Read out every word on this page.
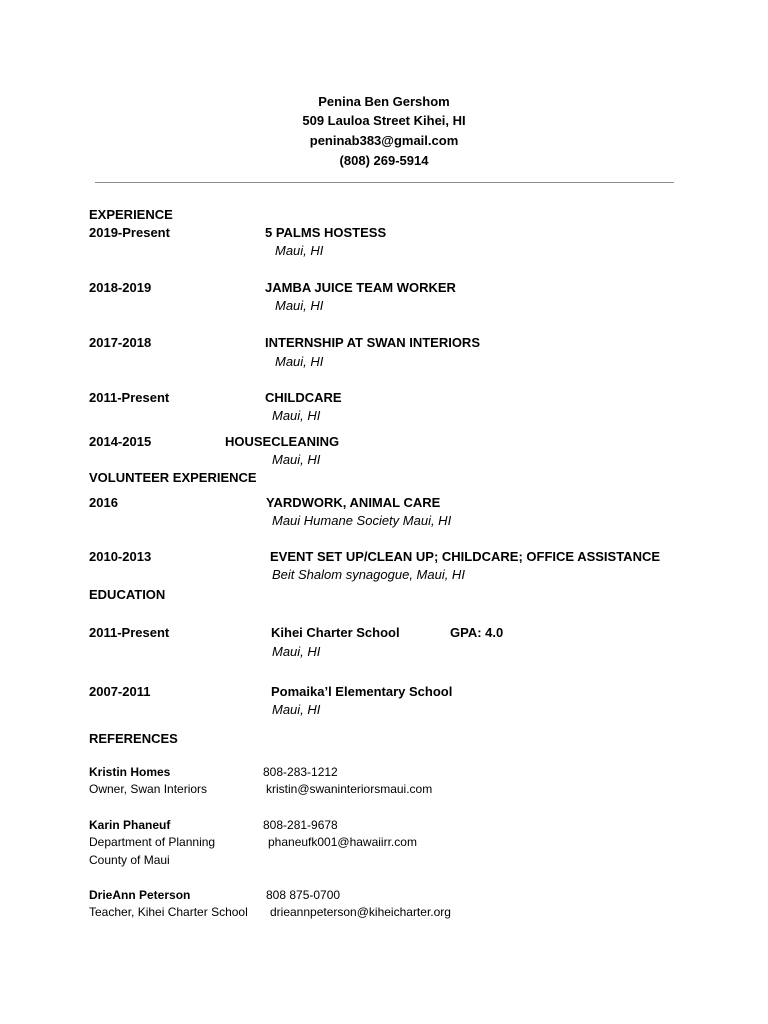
Penina Ben Gershom
509 Lauloa Street Kihei, HI
peninab383@gmail.com
(808) 269-5914
EXPERIENCE
2019-Present	5 PALMS HOSTESS
Maui, HI
2018-2019	JAMBA JUICE TEAM WORKER
Maui, HI
2017-2018	INTERNSHIP AT SWAN INTERIORS
Maui, HI
2011-Present	CHILDCARE
Maui, HI
2014-2015	HOUSECLEANING
Maui, HI
VOLUNTEER EXPERIENCE
2016	YARDWORK, ANIMAL CARE
Maui Humane Society Maui, HI
2010-2013	EVENT SET UP/CLEAN UP; CHILDCARE; OFFICE ASSISTANCE
Beit Shalom synagogue, Maui, HI
EDUCATION
2011-Present	Kihei Charter School	GPA: 4.0
Maui, HI
2007-2011	Pomaika’l Elementary School
Maui, HI
REFERENCES
Kristin Homes	808-283-1212
Owner, Swan Interiors	kristin@swaninteriorsmaui.com
Karin Phaneuf	808-281-9678
Department of Planning	phaneufk001@hawaiirr.com
County of Maui
DrieAnn Peterson	808 875-0700
Teacher, Kihei Charter School drieannpeterson@kiheicharter.org
